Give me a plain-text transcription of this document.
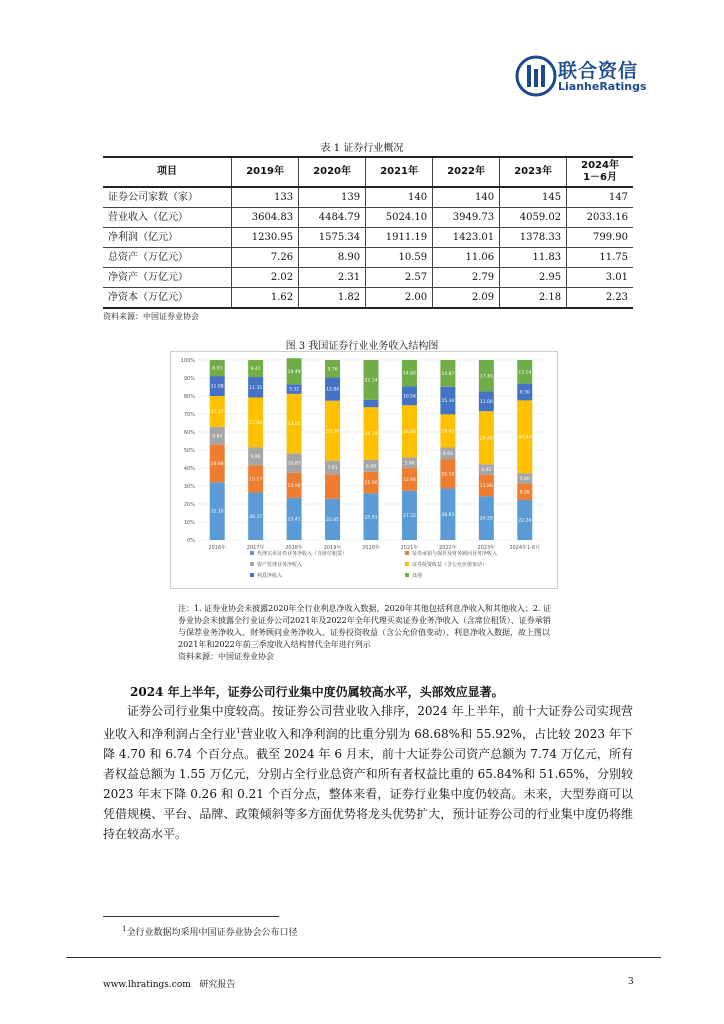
联合资信
LianheRatings
表 1 证券行业概况
项目	2019年	2020年	2021年	2022年	2023年	2024年
1－6月
证券公司家数（家）	133	139	140	140	145	147
营业收入（亿元）	3604.83	4484.79	5024.10	3949.73	4059.02	2033.16
净利润（亿元）	1230.95	1575.34	1911.19	1423.01	1378.33	799.90
总资产（万亿元）	7.26	8.90	10.59	11.06	11.83	11.75
净资产（万亿元）	2.02	2.31	2.57	2.79	2.95	3.01
净资本（万亿元）	1.62	1.82	2.00	2.09	2.18	2.23
资料来源：中国证券业协会
图 3 我国证券行业业务收入结构图
0%
10%
20%
30%
40%
50%
60%
70%
80%
90%
100%
32.10
20.88
9.84
17.17
11.08
8.93
2016年
26.37
15.17
9.96
27.68
11.35
9.47
2017年
23.41
13.90
10.83
33.05
5.32
14.49
2018年
22.85
7.61
33.30
12.84
9.76
2019年
25.91
11.96
6.68
29.19
22.14
2020年
27.32
12.64
5.96
28.94
10.54
14.60
2021年
28.63
16.10
6.64
18.42
15.34
14.87
2022年
24.29
11.86
5.92
29.48
11.00
17.45
2023年
22.24
9.08
5.80
40.44
9.30
13.14
2024年1-6月
代理买卖证券业务净收入（含席位租赁）	证券承销与保荐及财务顾问业务净收入
资产管理业务净收入	证券投资收益（含公允价值变动）
利息净收入	其他
注：1. 证券业协会未披露2020年全行业利息净收入数据，2020年其他包括利息净收入和其他收入；2. 证券业协会未披露全行业证券公司2021年及2022年全年代理买卖证券业务净收入（含席位租赁）、证券承销与保荐业务净收入、财务顾问业务净收入、证券投资收益（含公允价值变动）、利息净收入数据，故上图以2021年和2022年前三季度收入结构替代全年进行列示
资料来源：中国证券业协会
2024 年上半年，证券公司行业集中度仍属较高水平，头部效应显著。
证券公司行业集中度较高。按证券公司营业收入排序，2024 年上半年，前十大证券公司实现营业收入和净利润占全行业$^1$营业收入和净利润的比重分别为 68.68%和 55.92%，占比较 2023 年下降 4.70 和 6.74 个百分点。截至 2024 年 6 月末，前十大证券公司资产总额为 7.74 万亿元，所有者权益总额为 1.55 万亿元，分别占全行业总资产和所有者权益比重的 65.84%和 51.65%，分别较 2023 年末下降 0.26 和 0.21 个百分点，整体来看，证券行业集中度仍较高。未来，大型券商可以凭借规模、平台、品牌、政策倾斜等多方面优势将龙头优势扩大，预计证券公司的行业集中度仍将维持在较高水平。
$^1$全行业数据均采用中国证券业协会公布口径
www.lhratings.com 研究报告	3
